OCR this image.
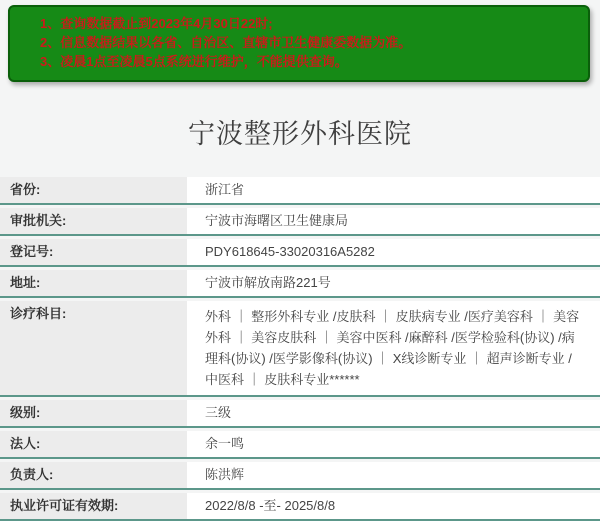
1、查询数据截止到2023年4月30日22时;
2、信息数据结果以各省、自治区、直辖市卫生健康委数据为准。
3、凌晨1点至凌晨5点系统进行维护，不能提供查询。
宁波整形外科医院
省份:	浙江省
审批机关:	宁波市海曙区卫生健康局
登记号:	PDY618645-33020316A5282
地址:	宁波市解放南路221号
诊疗科目:	外科 ｜ 整形外科专业 /皮肤科 ｜ 皮肤病专业 /医疗美容科 ｜ 美容外科 ｜ 美容皮肤科 ｜ 美容中医科 /麻醉科 /医学检验科(协议) /病理科(协议) /医学影像科(协议) ｜ X线诊断专业 ｜ 超声诊断专业 /中医科 ｜ 皮肤科专业******
级别:	三级
法人:	余一鸣
负责人:	陈洪辉
执业许可证有效期:	2022/8/8 -至- 2025/8/8
